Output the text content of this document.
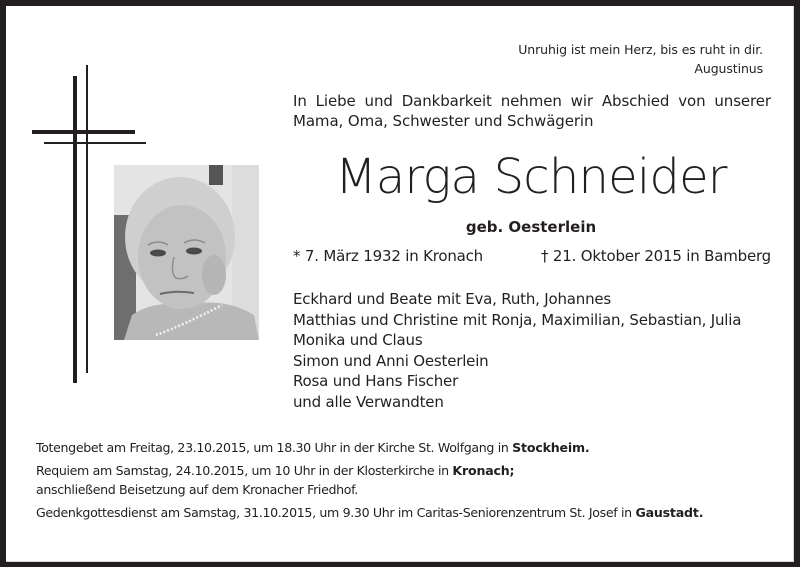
Unruhig ist mein Herz, bis es ruht in dir.
Augustinus
In Liebe und Dankbarkeit nehmen wir Abschied von unserer
Mama, Oma, Schwester und Schwägerin
Marga Schneider
geb. Oesterlein
* 7. März 1932 in Kronach	† 21. Oktober 2015 in Bamberg
Eckhard und Beate mit Eva, Ruth, Johannes
Matthias und Christine mit Ronja, Maximilian, Sebastian, Julia
Monika und Claus
Simon und Anni Oesterlein
Rosa und Hans Fischer
und alle Verwandten
Totengebet am Freitag, 23.10.2015, um 18.30 Uhr in der Kirche St. Wolfgang in Stockheim.
Requiem am Samstag, 24.10.2015, um 10 Uhr in der Klosterkirche in Kronach;
anschließend Beisetzung auf dem Kronacher Friedhof.
Gedenkgottesdienst am Samstag, 31.10.2015, um 9.30 Uhr im Caritas-Seniorenzentrum St. Josef in Gaustadt.
